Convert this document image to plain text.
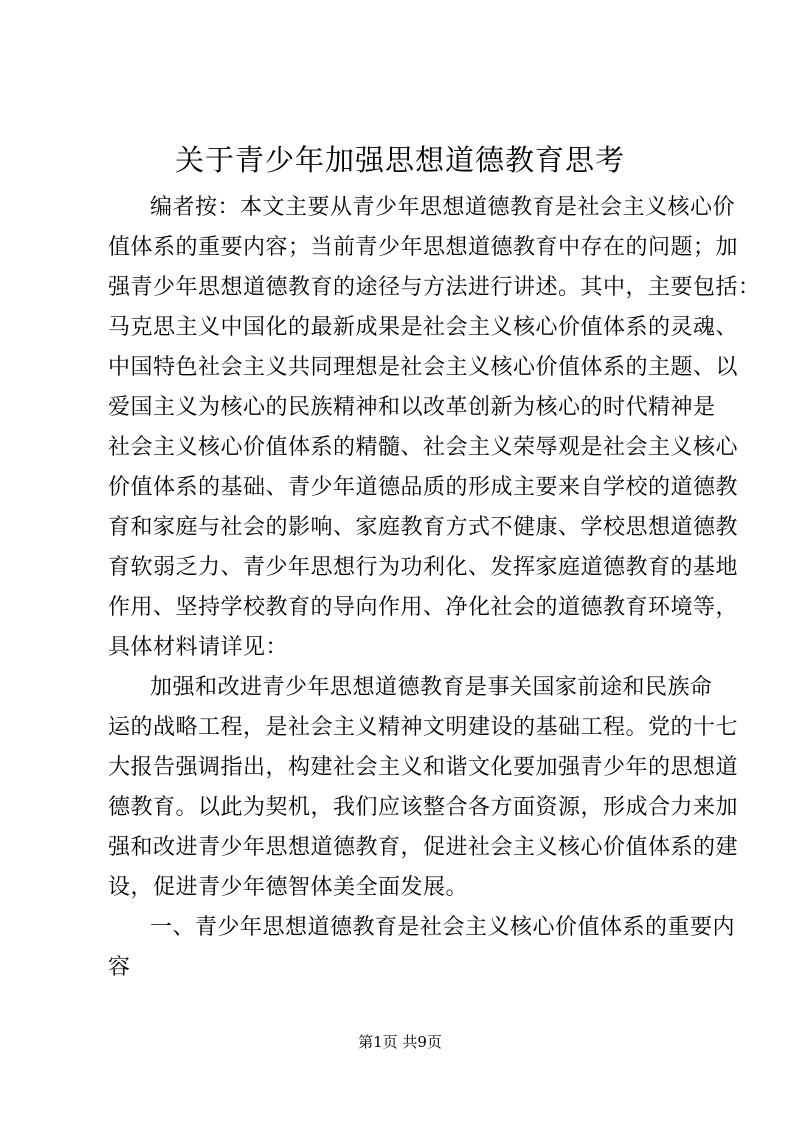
关于青少年加强思想道德教育思考
编者按：本文主要从青少年思想道德教育是社会主义核心价
值体系的重要内容；当前青少年思想道德教育中存在的问题；加
强青少年思想道德教育的途径与方法进行讲述。其中，主要包括：
马克思主义中国化的最新成果是社会主义核心价值体系的灵魂、
中国特色社会主义共同理想是社会主义核心价值体系的主题、以
爱国主义为核心的民族精神和以改革创新为核心的时代精神是
社会主义核心价值体系的精髓、社会主义荣辱观是社会主义核心
价值体系的基础、青少年道德品质的形成主要来自学校的道德教
育和家庭与社会的影响、家庭教育方式不健康、学校思想道德教
育软弱乏力、青少年思想行为功利化、发挥家庭道德教育的基地
作用、坚持学校教育的导向作用、净化社会的道德教育环境等，
具体材料请详见：
加强和改进青少年思想道德教育是事关国家前途和民族命
运的战略工程，是社会主义精神文明建设的基础工程。党的十七
大报告强调指出，构建社会主义和谐文化要加强青少年的思想道
德教育。以此为契机，我们应该整合各方面资源，形成合力来加
强和改进青少年思想道德教育，促进社会主义核心价值体系的建
设，促进青少年德智体美全面发展。
一、青少年思想道德教育是社会主义核心价值体系的重要内
容
第1页 共9页
